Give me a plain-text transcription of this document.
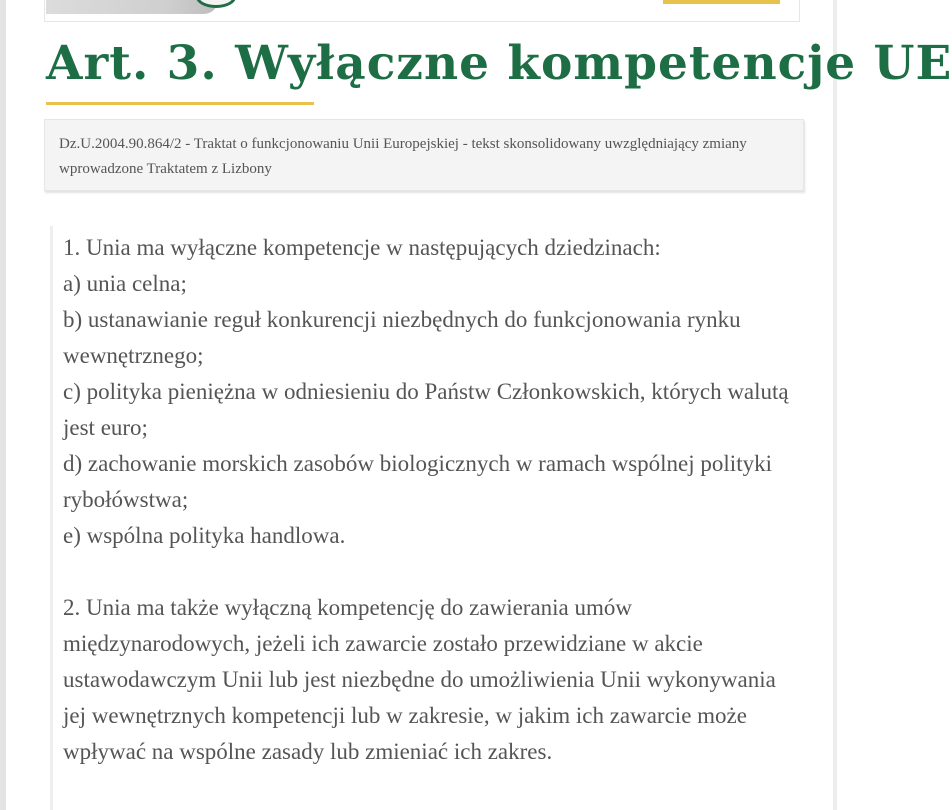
Art. 3. Wyłączne kompetencje UE
Dz.U.2004.90.864/2 - Traktat o funkcjonowaniu Unii Europejskiej - tekst skonsolidowany uwzględniający zmiany wprowadzone Traktatem z Lizbony

1. Unia ma wyłączne kompetencje w następujących dziedzinach:

a) unia celna;

b) ustanawianie reguł konkurencji niezbędnych do funkcjonowania rynku wewnętrznego;

c) polityka pieniężna w odniesieniu do Państw Członkowskich, których walutą jest euro;

d) zachowanie morskich zasobów biologicznych w ramach wspólnej polityki rybołówstwa;

e) wspólna polityka handlowa.

2. Unia ma także wyłączną kompetencję do zawierania umów międzynarodowych, jeżeli ich zawarcie zostało przewidziane w akcie ustawodawczym Unii lub jest niezbędne do umożliwienia Unii wykonywania jej wewnętrznych kompetencji lub w zakresie, w jakim ich zawarcie może wpływać na wspólne zasady lub zmieniać ich zakres.
